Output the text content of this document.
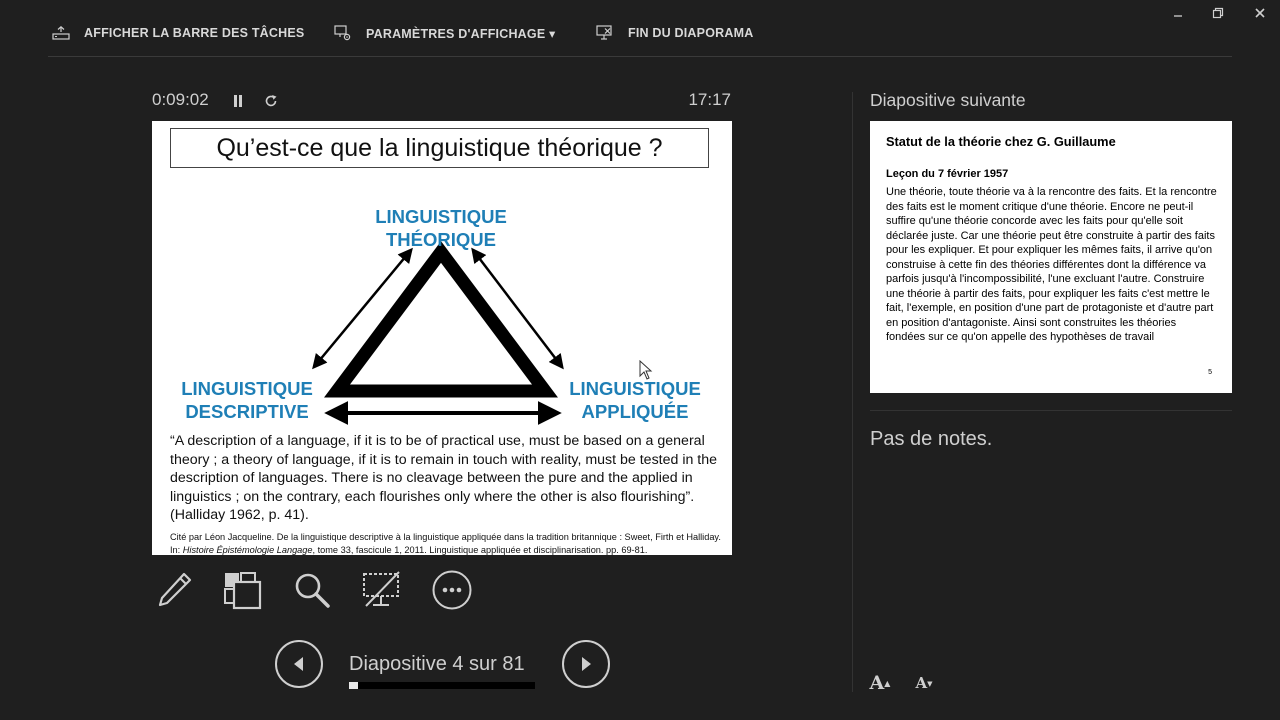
AFFICHER LA BARRE DES TÂCHES	PARAMÈTRES D'AFFICHAGE ▾	FIN DU DIAPORAMA
0:09:02	17:17
Qu’est-ce que la linguistique théorique ?
LINGUISTIQUE
THÉORIQUE
LINGUISTIQUE
DESCRIPTIVE
LINGUISTIQUE
APPLIQUÉE
“A description of a language, if it is to be of practical use, must be based on a general theory ; a theory of language, if it is to remain in touch with reality, must be tested in the description of languages. There is no cleavage between the pure and the applied in linguistics ; on the contrary, each flourishes only where the other is also flourishing”. (Halliday 1962, p. 41).
Cité par Léon Jacqueline. De la linguistique descriptive à la linguistique appliquée dans la tradition britannique : Sweet, Firth et Halliday. In: Histoire Épistémologie Langage, tome 33, fascicule 1, 2011. Linguistique appliquée et disciplinarisation. pp. 69-81.
Diapositive 4 sur 81
Diapositive suivante
Statut de la théorie chez G. Guillaume
Leçon du 7 février 1957
Une théorie, toute théorie va à la rencontre des faits. Et la rencontre des faits est le moment critique d'une théorie. Encore ne peut-il suffire qu'une théorie concorde avec les faits pour qu'elle soit déclarée juste. Car une théorie peut être construite à partir des faits pour les expliquer. Et pour expliquer les mêmes faits, il arrive qu'on construise à cette fin des théories différentes dont la différence va parfois jusqu'à l'incompossibilité, l'une excluant l'autre. Construire une théorie à partir des faits, pour expliquer les faits c'est mettre le fait, l'exemple, en position d'une part de protagoniste et d'autre part en position d'antagoniste. Ainsi sont construites les théories fondées sur ce qu'on appelle des hypothèses de travail
5
Pas de notes.
A ▲ A ▼
